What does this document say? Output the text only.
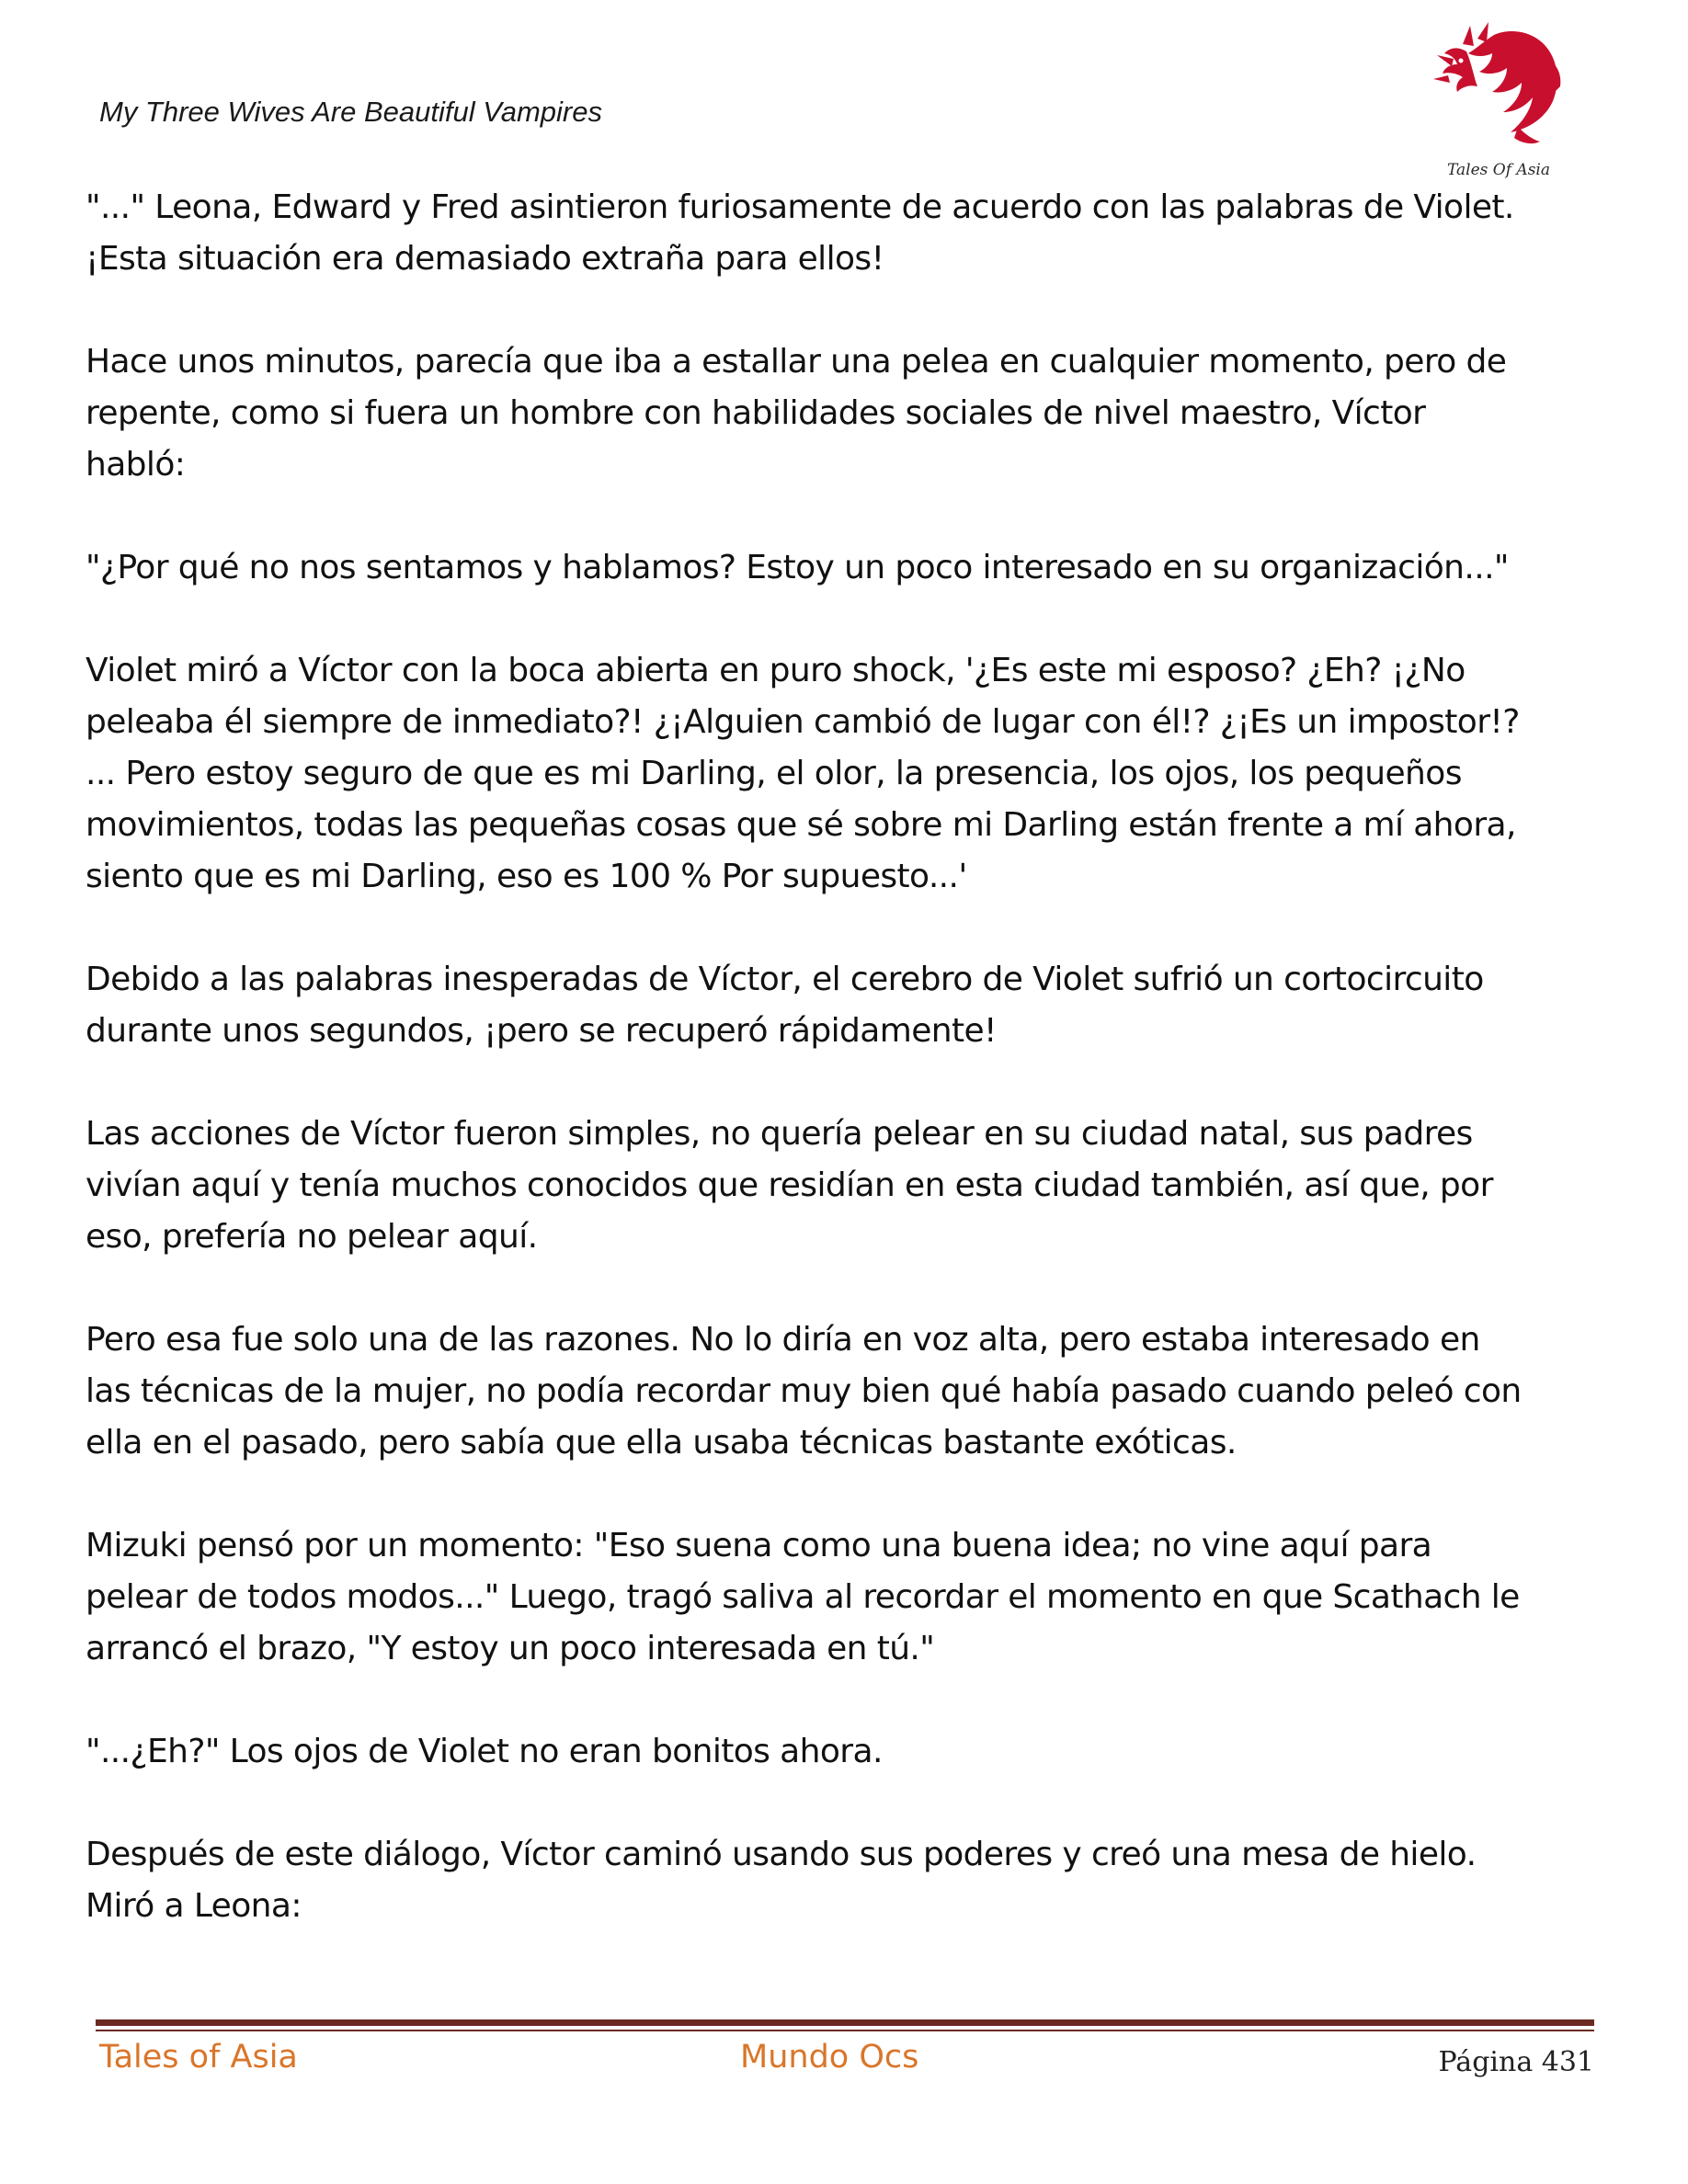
My Three Wives Are Beautiful Vampires
Tales Of Asia

"..." Leona, Edward y Fred asintieron furiosamente de acuerdo con las palabras de Violet.
¡Esta situación era demasiado extraña para ellos!

Hace unos minutos, parecía que iba a estallar una pelea en cualquier momento, pero de
repente, como si fuera un hombre con habilidades sociales de nivel maestro, Víctor
habló:

"¿Por qué no nos sentamos y hablamos? Estoy un poco interesado en su organización..."

Violet miró a Víctor con la boca abierta en puro shock, '¿Es este mi esposo? ¿Eh? ¡¿No
peleaba él siempre de inmediato?! ¿¡Alguien cambió de lugar con él!? ¿¡Es un impostor!?
... Pero estoy seguro de que es mi Darling, el olor, la presencia, los ojos, los pequeños
movimientos, todas las pequeñas cosas que sé sobre mi Darling están frente a mí ahora,
siento que es mi Darling, eso es 100 % Por supuesto...'

Debido a las palabras inesperadas de Víctor, el cerebro de Violet sufrió un cortocircuito
durante unos segundos, ¡pero se recuperó rápidamente!

Las acciones de Víctor fueron simples, no quería pelear en su ciudad natal, sus padres
vivían aquí y tenía muchos conocidos que residían en esta ciudad también, así que, por
eso, prefería no pelear aquí.

Pero esa fue solo una de las razones. No lo diría en voz alta, pero estaba interesado en
las técnicas de la mujer, no podía recordar muy bien qué había pasado cuando peleó con
ella en el pasado, pero sabía que ella usaba técnicas bastante exóticas.

Mizuki pensó por un momento: "Eso suena como una buena idea; no vine aquí para
pelear de todos modos..." Luego, tragó saliva al recordar el momento en que Scathach le
arrancó el brazo, "Y estoy un poco interesada en tú."

"...¿Eh?" Los ojos de Violet no eran bonitos ahora.

Después de este diálogo, Víctor caminó usando sus poderes y creó una mesa de hielo.
Miró a Leona:

Tales of Asia	Mundo Ocs	Página 431
